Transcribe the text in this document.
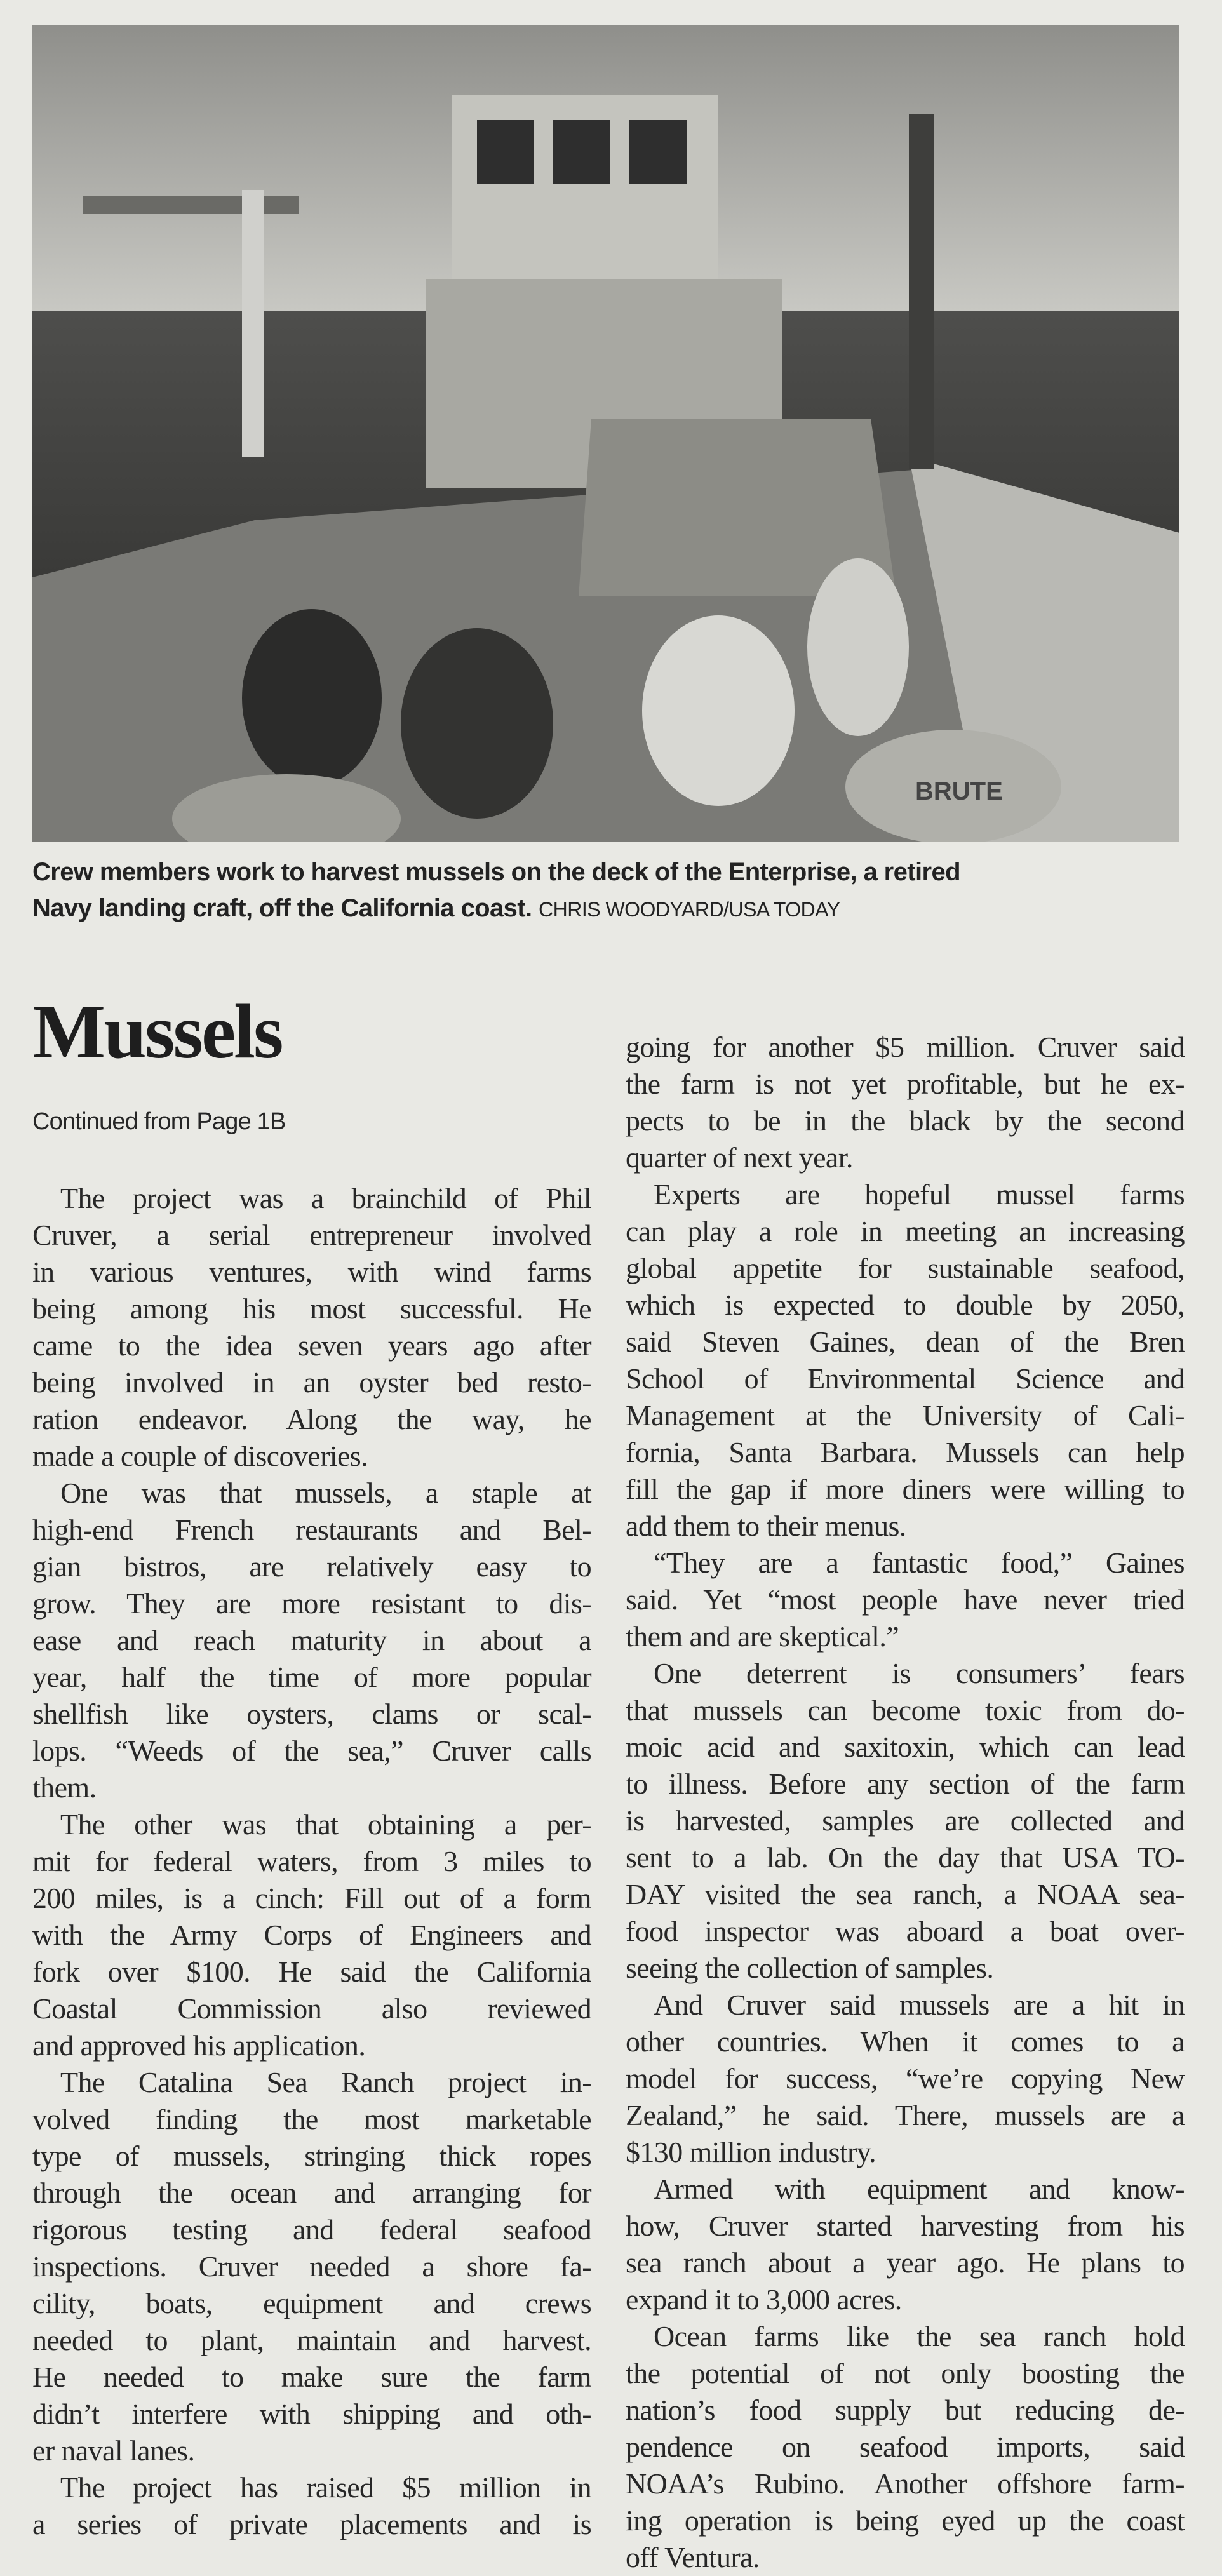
BRUTE
Crew members work to harvest mussels on the deck of the Enterprise, a retired
Navy landing craft, off the California coast. CHRIS WOODYARD/USA TODAY
Mussels
Continued from Page 1B
The project was a brainchild of Phil
Cruver, a serial entrepreneur involved
in various ventures, with wind farms
being among his most successful. He
came to the idea seven years ago after
being involved in an oyster bed resto-
ration endeavor. Along the way, he
made a couple of discoveries.
One was that mussels, a staple at
high-end French restaurants and Bel-
gian bistros, are relatively easy to
grow. They are more resistant to dis-
ease and reach maturity in about a
year, half the time of more popular
shellfish like oysters, clams or scal-
lops. “Weeds of the sea,” Cruver calls
them.
The other was that obtaining a per-
mit for federal waters, from 3 miles to
200 miles, is a cinch: Fill out of a form
with the Army Corps of Engineers and
fork over $100. He said the California
Coastal Commission also reviewed
and approved his application.
The Catalina Sea Ranch project in-
volved finding the most marketable
type of mussels, stringing thick ropes
through the ocean and arranging for
rigorous testing and federal seafood
inspections. Cruver needed a shore fa-
cility, boats, equipment and crews
needed to plant, maintain and harvest.
He needed to make sure the farm
didn’t interfere with shipping and oth-
er naval lanes.
The project has raised $5 million in
a series of private placements and is
going for another $5 million. Cruver said
the farm is not yet profitable, but he ex-
pects to be in the black by the second
quarter of next year.
Experts are hopeful mussel farms
can play a role in meeting an increasing
global appetite for sustainable seafood,
which is expected to double by 2050,
said Steven Gaines, dean of the Bren
School of Environmental Science and
Management at the University of Cali-
fornia, Santa Barbara. Mussels can help
fill the gap if more diners were willing to
add them to their menus.
“They are a fantastic food,” Gaines
said. Yet “most people have never tried
them and are skeptical.”
One deterrent is consumers’ fears
that mussels can become toxic from do-
moic acid and saxitoxin, which can lead
to illness. Before any section of the farm
is harvested, samples are collected and
sent to a lab. On the day that USA TO-
DAY visited the sea ranch, a NOAA sea-
food inspector was aboard a boat over-
seeing the collection of samples.
And Cruver said mussels are a hit in
other countries. When it comes to a
model for success, “we’re copying New
Zealand,” he said. There, mussels are a
$130 million industry.
Armed with equipment and know-
how, Cruver started harvesting from his
sea ranch about a year ago. He plans to
expand it to 3,000 acres.
Ocean farms like the sea ranch hold
the potential of not only boosting the
nation’s food supply but reducing de-
pendence on seafood imports, said
NOAA’s Rubino. Another offshore farm-
ing operation is being eyed up the coast
off Ventura.
